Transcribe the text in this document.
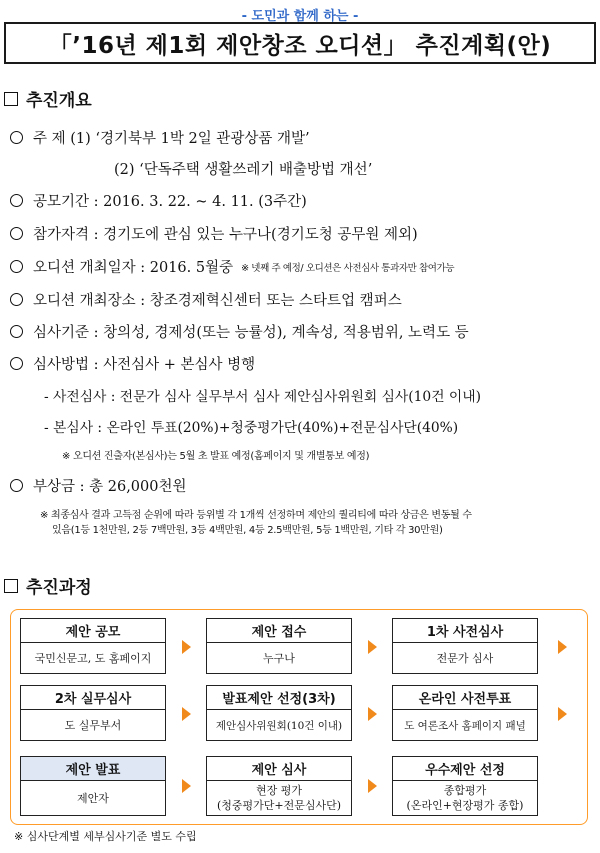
- 도민과 함께 하는 -
「’16년 제1회 제안창조 오디션」 추진계획(안)
추진개요
주 제 (1) ‘경기북부 1박 2일 관광상품 개발’
(2) ‘단독주택 생활쓰레기 배출방법 개선’
공모기간 : 2016. 3. 22. ~ 4. 11. (3주간)
참가자격 : 경기도에 관심 있는 누구나(경기도청 공무원 제외)
오디션 개최일자 : 2016. 5월중 ※ 넷째 주 예정/ 오디션은 사전심사 통과자만 참여가능
오디션 개최장소 : 창조경제혁신센터 또는 스타트업 캠퍼스
심사기준 : 창의성, 경제성(또는 능률성), 계속성, 적용범위, 노력도 등
심사방법 : 사전심사 + 본심사 병행
- 사전심사 : 전문가 심사 실무부서 심사 제안심사위원회 심사(10건 이내)
- 본심사 : 온라인 투표(20%)+청중평가단(40%)+전문심사단(40%)
※ 오디션 진출자(본심사)는 5월 초 발표 예정(홈페이지 및 개별통보 예정)
부상금 : 총 26,000천원
※ 최종심사 결과 고득점 순위에 따라 등위별 각 1개씩 선정하며 제안의 퀄리티에 따라 상금은 변동될 수
있음(1등 1천만원, 2등 7백만원, 3등 4백만원, 4등 2.5백만원, 5등 1백만원, 기타 각 30만원)
추진과정
제안 공모
국민신문고, 도 홈페이지
제안 접수
누구나
1차 사전심사
전문가 심사
2차 실무심사
도 실무부서
발표제안 선정(3차)
제안심사위원회(10건 이내)
온라인 사전투표
도 여론조사 홈페이지 패널
제안 발표
제안자
제안 심사
현장 평가
(청중평가단+전문심사단)
우수제안 선정
종합평가
(온라인+현장평가 종합)
※ 심사단계별 세부심사기준 별도 수립
